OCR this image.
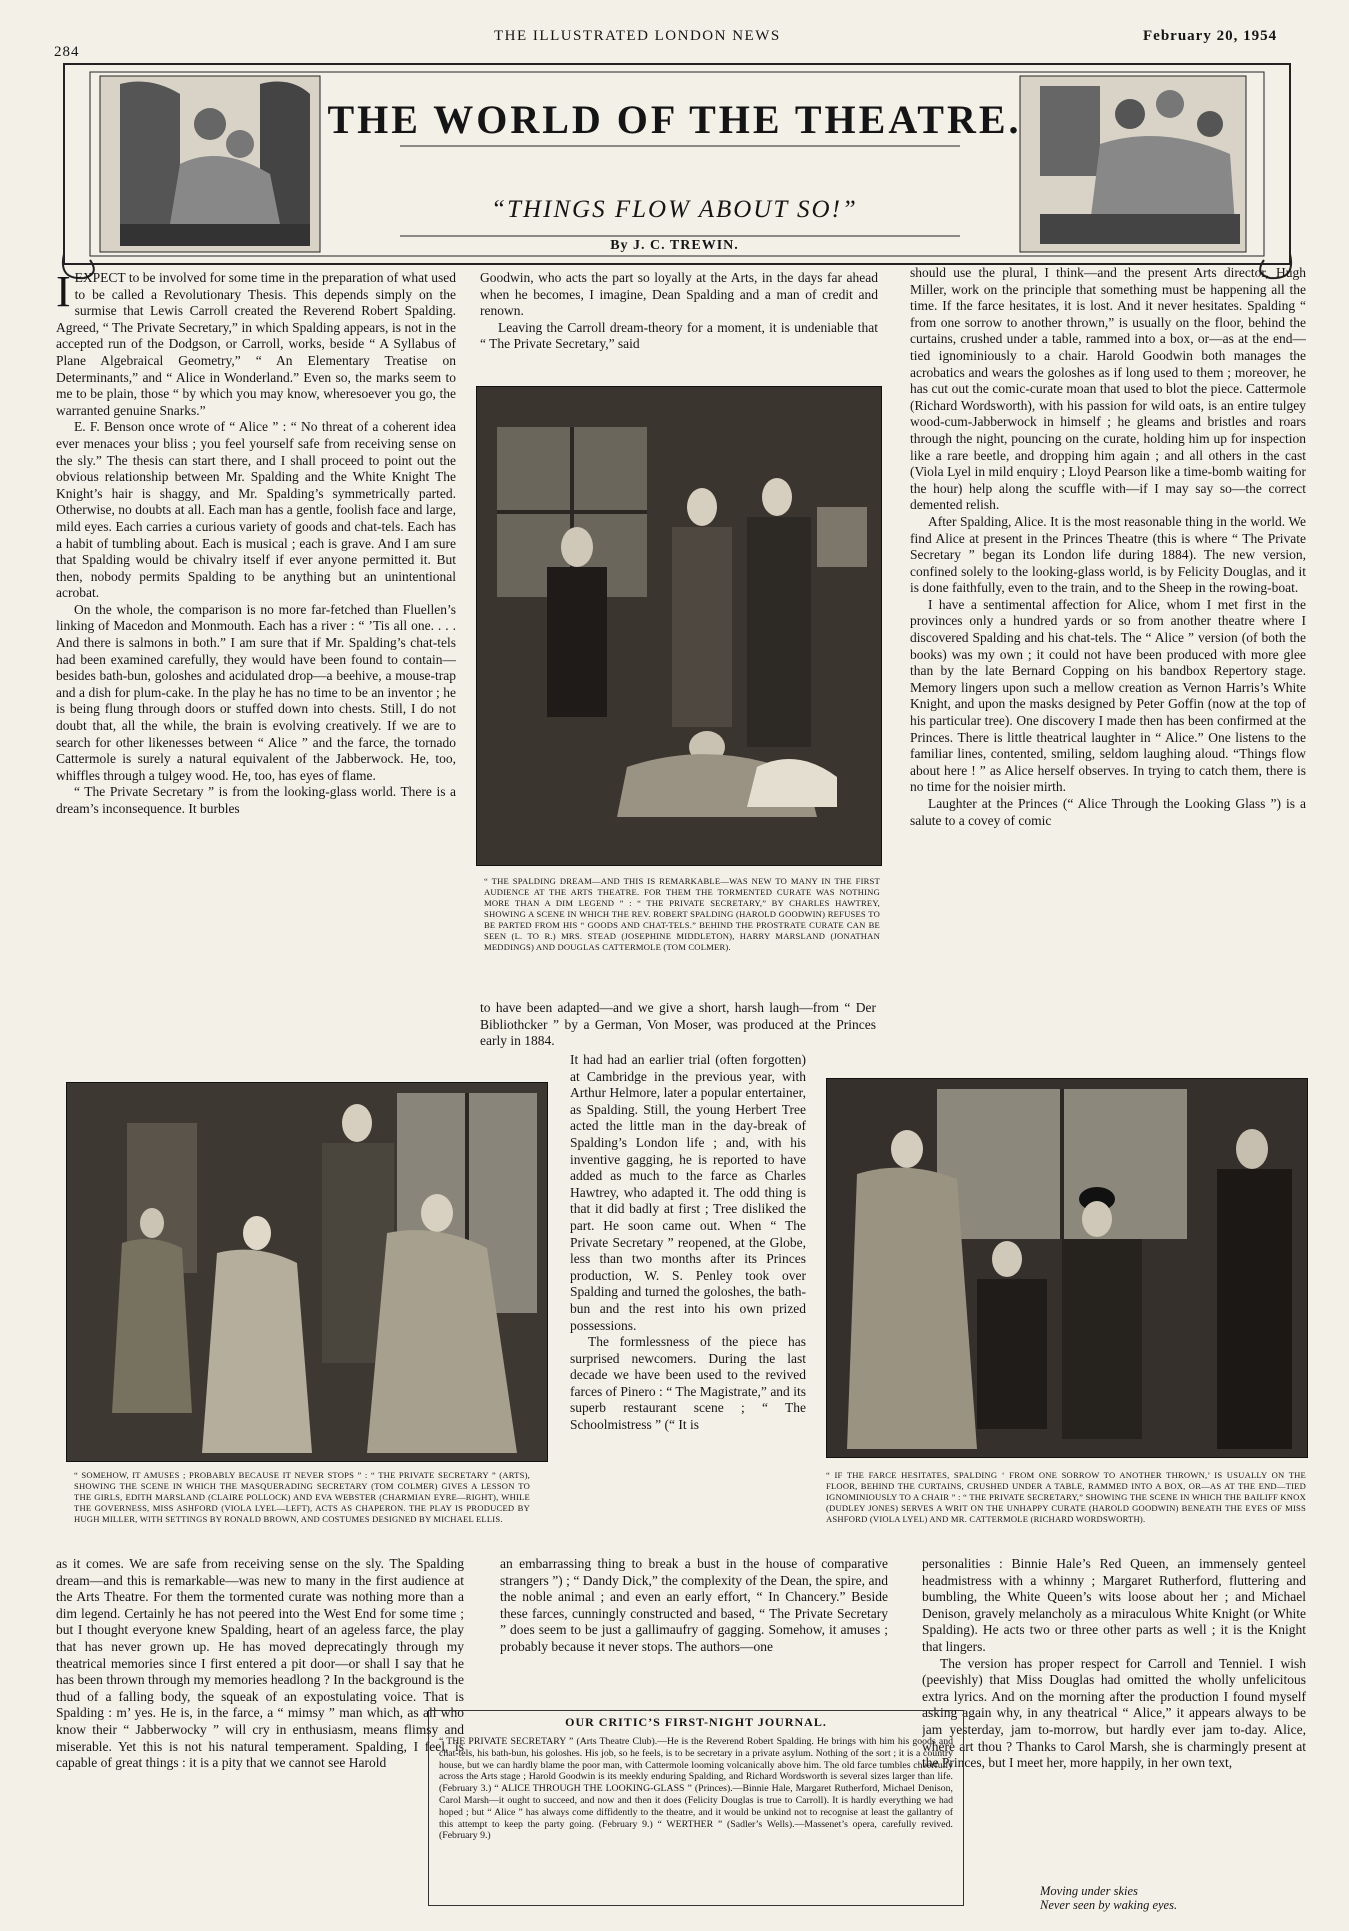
284
THE ILLUSTRATED LONDON NEWS	February 20, 1954
THE WORLD OF THE THEATRE.
“THINGS FLOW ABOUT SO!”
By J. C. TREWIN.

IEXPECT to be involved for some time in the preparation of what used to be called a Revolutionary Thesis. This depends simply on the surmise that Lewis Carroll created the Reverend Robert Spalding. Agreed, “ The Private Secretary,” in which Spalding appears, is not in the accepted run of the Dodgson, or Carroll, works, beside “ A Syllabus of Plane Algebraical Geometry,” “ An Elementary Treatise on Determinants,” and “ Alice in Wonderland.” Even so, the marks seem to me to be plain, those “ by which you may know, wheresoever you go, the warranted genuine Snarks.”

E. F. Benson once wrote of “ Alice ” : “ No threat of a coherent idea ever menaces your bliss ; you feel yourself safe from receiving sense on the sly.” The thesis can start there, and I shall proceed to point out the obvious relationship between Mr. Spalding and the White Knight The Knight’s hair is shaggy, and Mr. Spalding’s symmetrically parted. Otherwise, no doubts at all. Each man has a gentle, foolish face and large, mild eyes. Each carries a curious variety of goods and chat-tels. Each has a habit of tumbling about. Each is musical ; each is grave. And I am sure that Spalding would be chivalry itself if ever anyone permitted it. But then, nobody permits Spalding to be anything but an unintentional acrobat.

On the whole, the comparison is no more far-fetched than Fluellen’s linking of Macedon and Monmouth. Each has a river : “ ’Tis all one. . . . And there is salmons in both.” I am sure that if Mr. Spalding’s chat-tels had been examined carefully, they would have been found to contain—besides bath-bun, goloshes and acidulated drop—a beehive, a mouse-trap and a dish for plum-cake. In the play he has no time to be an inventor ; he is being flung through doors or stuffed down into chests. Still, I do not doubt that, all the while, the brain is evolving creatively. If we are to search for other likenesses between “ Alice ” and the farce, the tornado Cattermole is surely a natural equivalent of the Jabberwock. He, too, whiffles through a tulgey wood. He, too, has eyes of flame.

“ The Private Secretary ” is from the looking-glass world. There is a dream’s inconsequence. It burbles

Goodwin, who acts the part so loyally at the Arts, in the days far ahead when he becomes, I imagine, Dean Spalding and a man of credit and renown.

Leaving the Carroll dream-theory for a moment, it is undeniable that “ The Private Secretary,” said

“ THE SPALDING DREAM—AND THIS IS REMARKABLE—WAS NEW TO MANY IN THE FIRST AUDIENCE AT THE ARTS THEATRE. FOR THEM THE TORMENTED CURATE WAS NOTHING MORE THAN A DIM LEGEND ” : “ THE PRIVATE SECRETARY,” BY CHARLES HAWTREY, SHOWING A SCENE IN WHICH THE REV. ROBERT SPALDING (HAROLD GOODWIN) REFUSES TO BE PARTED FROM HIS “ GOODS AND CHAT-TELS.” BEHIND THE PROSTRATE CURATE CAN BE SEEN (L. TO R.) MRS. STEAD (JOSEPHINE MIDDLETON), HARRY MARSLAND (JONATHAN MEDDINGS) AND DOUGLAS CATTERMOLE (TOM COLMER).

should use the plural, I think—and the present Arts director, Hugh Miller, work on the principle that something must be happening all the time. If the farce hesitates, it is lost. And it never hesitates. Spalding “ from one sorrow to another thrown,” is usually on the floor, behind the curtains, crushed under a table, rammed into a box, or—as at the end—tied ignominiously to a chair. Harold Goodwin both manages the acrobatics and wears the goloshes as if long used to them ; moreover, he has cut out the comic-curate moan that used to blot the piece. Cattermole (Richard Wordsworth), with his passion for wild oats, is an entire tulgey wood-cum-Jabberwock in himself ; he gleams and bristles and roars through the night, pouncing on the curate, holding him up for inspection like a rare beetle, and dropping him again ; and all others in the cast (Viola Lyel in mild enquiry ; Lloyd Pearson like a time-bomb waiting for the hour) help along the scuffle with—if I may say so—the correct demented relish.

After Spalding, Alice. It is the most reasonable thing in the world. We find Alice at present in the Princes Theatre (this is where “ The Private Secretary ” began its London life during 1884). The new version, confined solely to the looking-glass world, is by Felicity Douglas, and it is done faithfully, even to the train, and to the Sheep in the rowing-boat.

I have a sentimental affection for Alice, whom I met first in the provinces only a hundred yards or so from another theatre where I discovered Spalding and his chat-tels. The “ Alice ” version (of both the books) was my own ; it could not have been produced with more glee than by the late Bernard Copping on his bandbox Repertory stage. Memory lingers upon such a mellow creation as Vernon Harris’s White Knight, and upon the masks designed by Peter Goffin (now at the top of his particular tree). One discovery I made then has been confirmed at the Princes. There is little theatrical laughter in “ Alice.” One listens to the familiar lines, contented, smiling, seldom laughing aloud. “Things flow about here ! ” as Alice herself observes. In trying to catch them, there is no time for the noisier mirth.

Laughter at the Princes (“ Alice Through the Looking Glass ”) is a salute to a covey of comic

to have been adapted—and we give a short, harsh laugh—from “ Der Bibliothcker ” by a German, Von Moser, was produced at the Princes early in 1884.

It had had an earlier trial (often forgotten) at Cambridge in the previous year, with Arthur Helmore, later a popular entertainer, as Spalding. Still, the young Herbert Tree acted the little man in the day-break of Spalding’s London life ; and, with his inventive gagging, he is reported to have added as much to the farce as Charles Hawtrey, who adapted it. The odd thing is that it did badly at first ; Tree disliked the part. He soon came out. When “ The Private Secretary ” reopened, at the Globe, less than two months after its Princes production, W. S. Penley took over Spalding and turned the goloshes, the bath-bun and the rest into his own prized possessions.

The formlessness of the piece has surprised newcomers. During the last decade we have been used to the revived farces of Pinero : “ The Magistrate,” and its superb restaurant scene ; “ The Schoolmistress ” (“ It is

“ SOMEHOW, IT AMUSES ; PROBABLY BECAUSE IT NEVER STOPS ” : “ THE PRIVATE SECRETARY ” (ARTS), SHOWING THE SCENE IN WHICH THE MASQUERADING SECRETARY (TOM COLMER) GIVES A LESSON TO THE GIRLS, EDITH MARSLAND (CLAIRE POLLOCK) AND EVA WEBSTER (CHARMIAN EYRE—RIGHT), WHILE THE GOVERNESS, MISS ASHFORD (VIOLA LYEL—LEFT), ACTS AS CHAPERON. THE PLAY IS PRODUCED BY HUGH MILLER, WITH SETTINGS BY RONALD BROWN, AND COSTUMES DESIGNED BY MICHAEL ELLIS.
“ IF THE FARCE HESITATES, SPALDING ‘ FROM ONE SORROW TO ANOTHER THROWN,’ IS USUALLY ON THE FLOOR, BEHIND THE CURTAINS, CRUSHED UNDER A TABLE, RAMMED INTO A BOX, OR—AS AT THE END—TIED IGNOMINIOUSLY TO A CHAIR ” : “ THE PRIVATE SECRETARY,” SHOWING THE SCENE IN WHICH THE BAILIFF KNOX (DUDLEY JONES) SERVES A WRIT ON THE UNHAPPY CURATE (HAROLD GOODWIN) BENEATH THE EYES OF MISS ASHFORD (VIOLA LYEL) AND MR. CATTERMOLE (RICHARD WORDSWORTH).

as it comes. We are safe from receiving sense on the sly. The Spalding dream—and this is remarkable—was new to many in the first audience at the Arts Theatre. For them the tormented curate was nothing more than a dim legend. Certainly he has not peered into the West End for some time ; but I thought everyone knew Spalding, heart of an ageless farce, the play that has never grown up. He has moved deprecatingly through my theatrical memories since I first entered a pit door—or shall I say that he has been thrown through my memories headlong ? In the background is the thud of a falling body, the squeak of an expostulating voice. That is Spalding : m’ yes. He is, in the farce, a “ mimsy ” man which, as all who know their “ Jabberwocky ” will cry in enthusiasm, means flimsy and miserable. Yet this is not his natural temperament. Spalding, I feel, is capable of great things : it is a pity that we cannot see Harold

an embarrassing thing to break a bust in the house of comparative strangers ”) ; “ Dandy Dick,” the complexity of the Dean, the spire, and the noble animal ; and even an early effort, “ In Chancery.” Beside these farces, cunningly constructed and based, “ The Private Secretary ” does seem to be just a gallimaufry of gagging. Somehow, it amuses ; probably because it never stops. The authors—one

personalities : Binnie Hale’s Red Queen, an immensely genteel headmistress with a whinny ; Margaret Rutherford, fluttering and bumbling, the White Queen’s wits loose about her ; and Michael Denison, gravely melancholy as a miraculous White Knight (or White Spalding). He acts two or three other parts as well ; it is the Knight that lingers.

The version has proper respect for Carroll and Tenniel. I wish (peevishly) that Miss Douglas had omitted the wholly unfelicitous extra lyrics. And on the morning after the production I found myself asking again why, in any theatrical “ Alice,” it appears always to be jam yesterday, jam to-morrow, but hardly ever jam to-day. Alice, where art thou ? Thanks to Carol Marsh, she is charmingly present at the Princes, but I meet her, more happily, in her own text,

Moving under skies
Never seen by waking eyes.
OUR CRITIC’S FIRST-NIGHT JOURNAL.
“ THE PRIVATE SECRETARY ” (Arts Theatre Club).—He is the Reverend Robert Spalding. He brings with him his goods and chat-tels, his bath-bun, his goloshes. His job, so he feels, is to be secretary in a private asylum. Nothing of the sort ; it is a country house, but we can hardly blame the poor man, with Cattermole looming volcanically above him. The old farce tumbles cheerfully across the Arts stage ; Harold Goodwin is its meekly enduring Spalding, and Richard Wordsworth is several sizes larger than life. (February 3.) “ ALICE THROUGH THE LOOKING-GLASS ” (Princes).—Binnie Hale, Margaret Rutherford, Michael Denison, Carol Marsh—it ought to succeed, and now and then it does (Felicity Douglas is true to Carroll). It is hardly everything we had hoped ; but “ Alice ” has always come diffidently to the theatre, and it would be unkind not to recognise at least the gallantry of this attempt to keep the party going. (February 9.) “ WERTHER ” (Sadler’s Wells).—Massenet’s opera, carefully revived. (February 9.)
